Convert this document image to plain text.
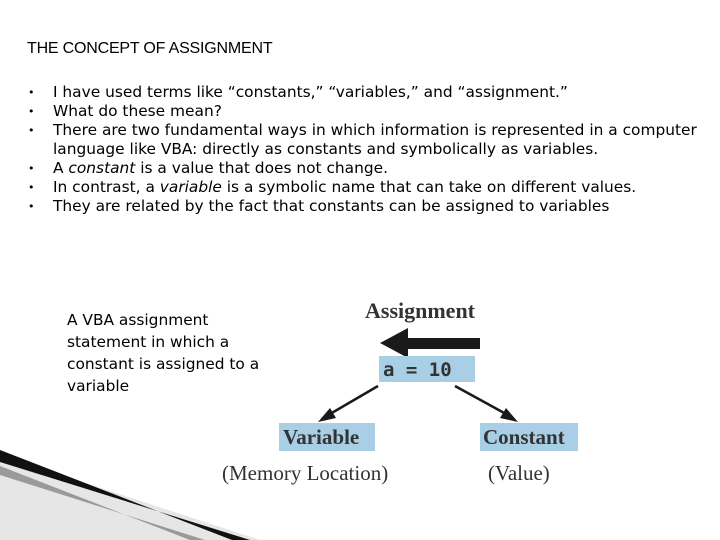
THE CONCEPT OF ASSIGNMENT
• I have used terms like “constants,” “variables,” and “assignment.”
• What do these mean?
• There are two fundamental ways in which information is represented in a computer language like VBA: directly as constants and symbolically as variables.
• A constant is a value that does not change.
• In contrast, a variable is a symbolic name that can take on different values.
• They are related by the fact that constants can be assigned to variables
A VBA assignment statement in which a constant is assigned to a variable
Assignment
a = 10
Variable
(Memory Location)
Constant
(Value)
